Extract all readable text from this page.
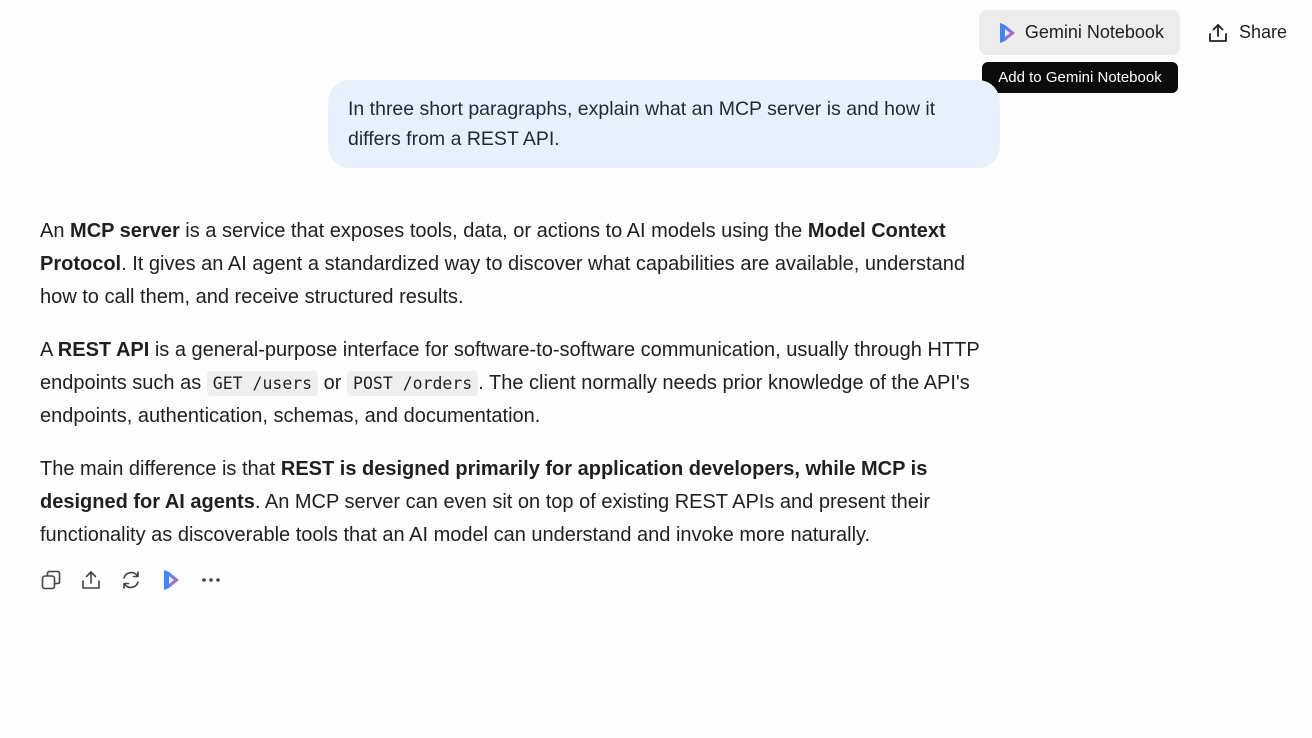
Gemini Notebook	Share
Add to Gemini Notebook
In three short paragraphs, explain what an MCP server is and how it differs from a REST API.

An MCP server is a service that exposes tools, data, or actions to AI models using the Model Context Protocol. It gives an AI agent a standardized way to discover what capabilities are available, understand how to call them, and receive structured results.

A REST API is a general-purpose interface for software-to-software communication, usually through HTTP endpoints such as GET /users or POST /orders . The client normally needs prior knowledge of the API's endpoints, authentication, schemas, and documentation.

The main difference is that REST is designed primarily for application developers, while MCP is designed for AI agents. An MCP server can even sit on top of existing REST APIs and present their functionality as discoverable tools that an AI model can understand and invoke more naturally.
